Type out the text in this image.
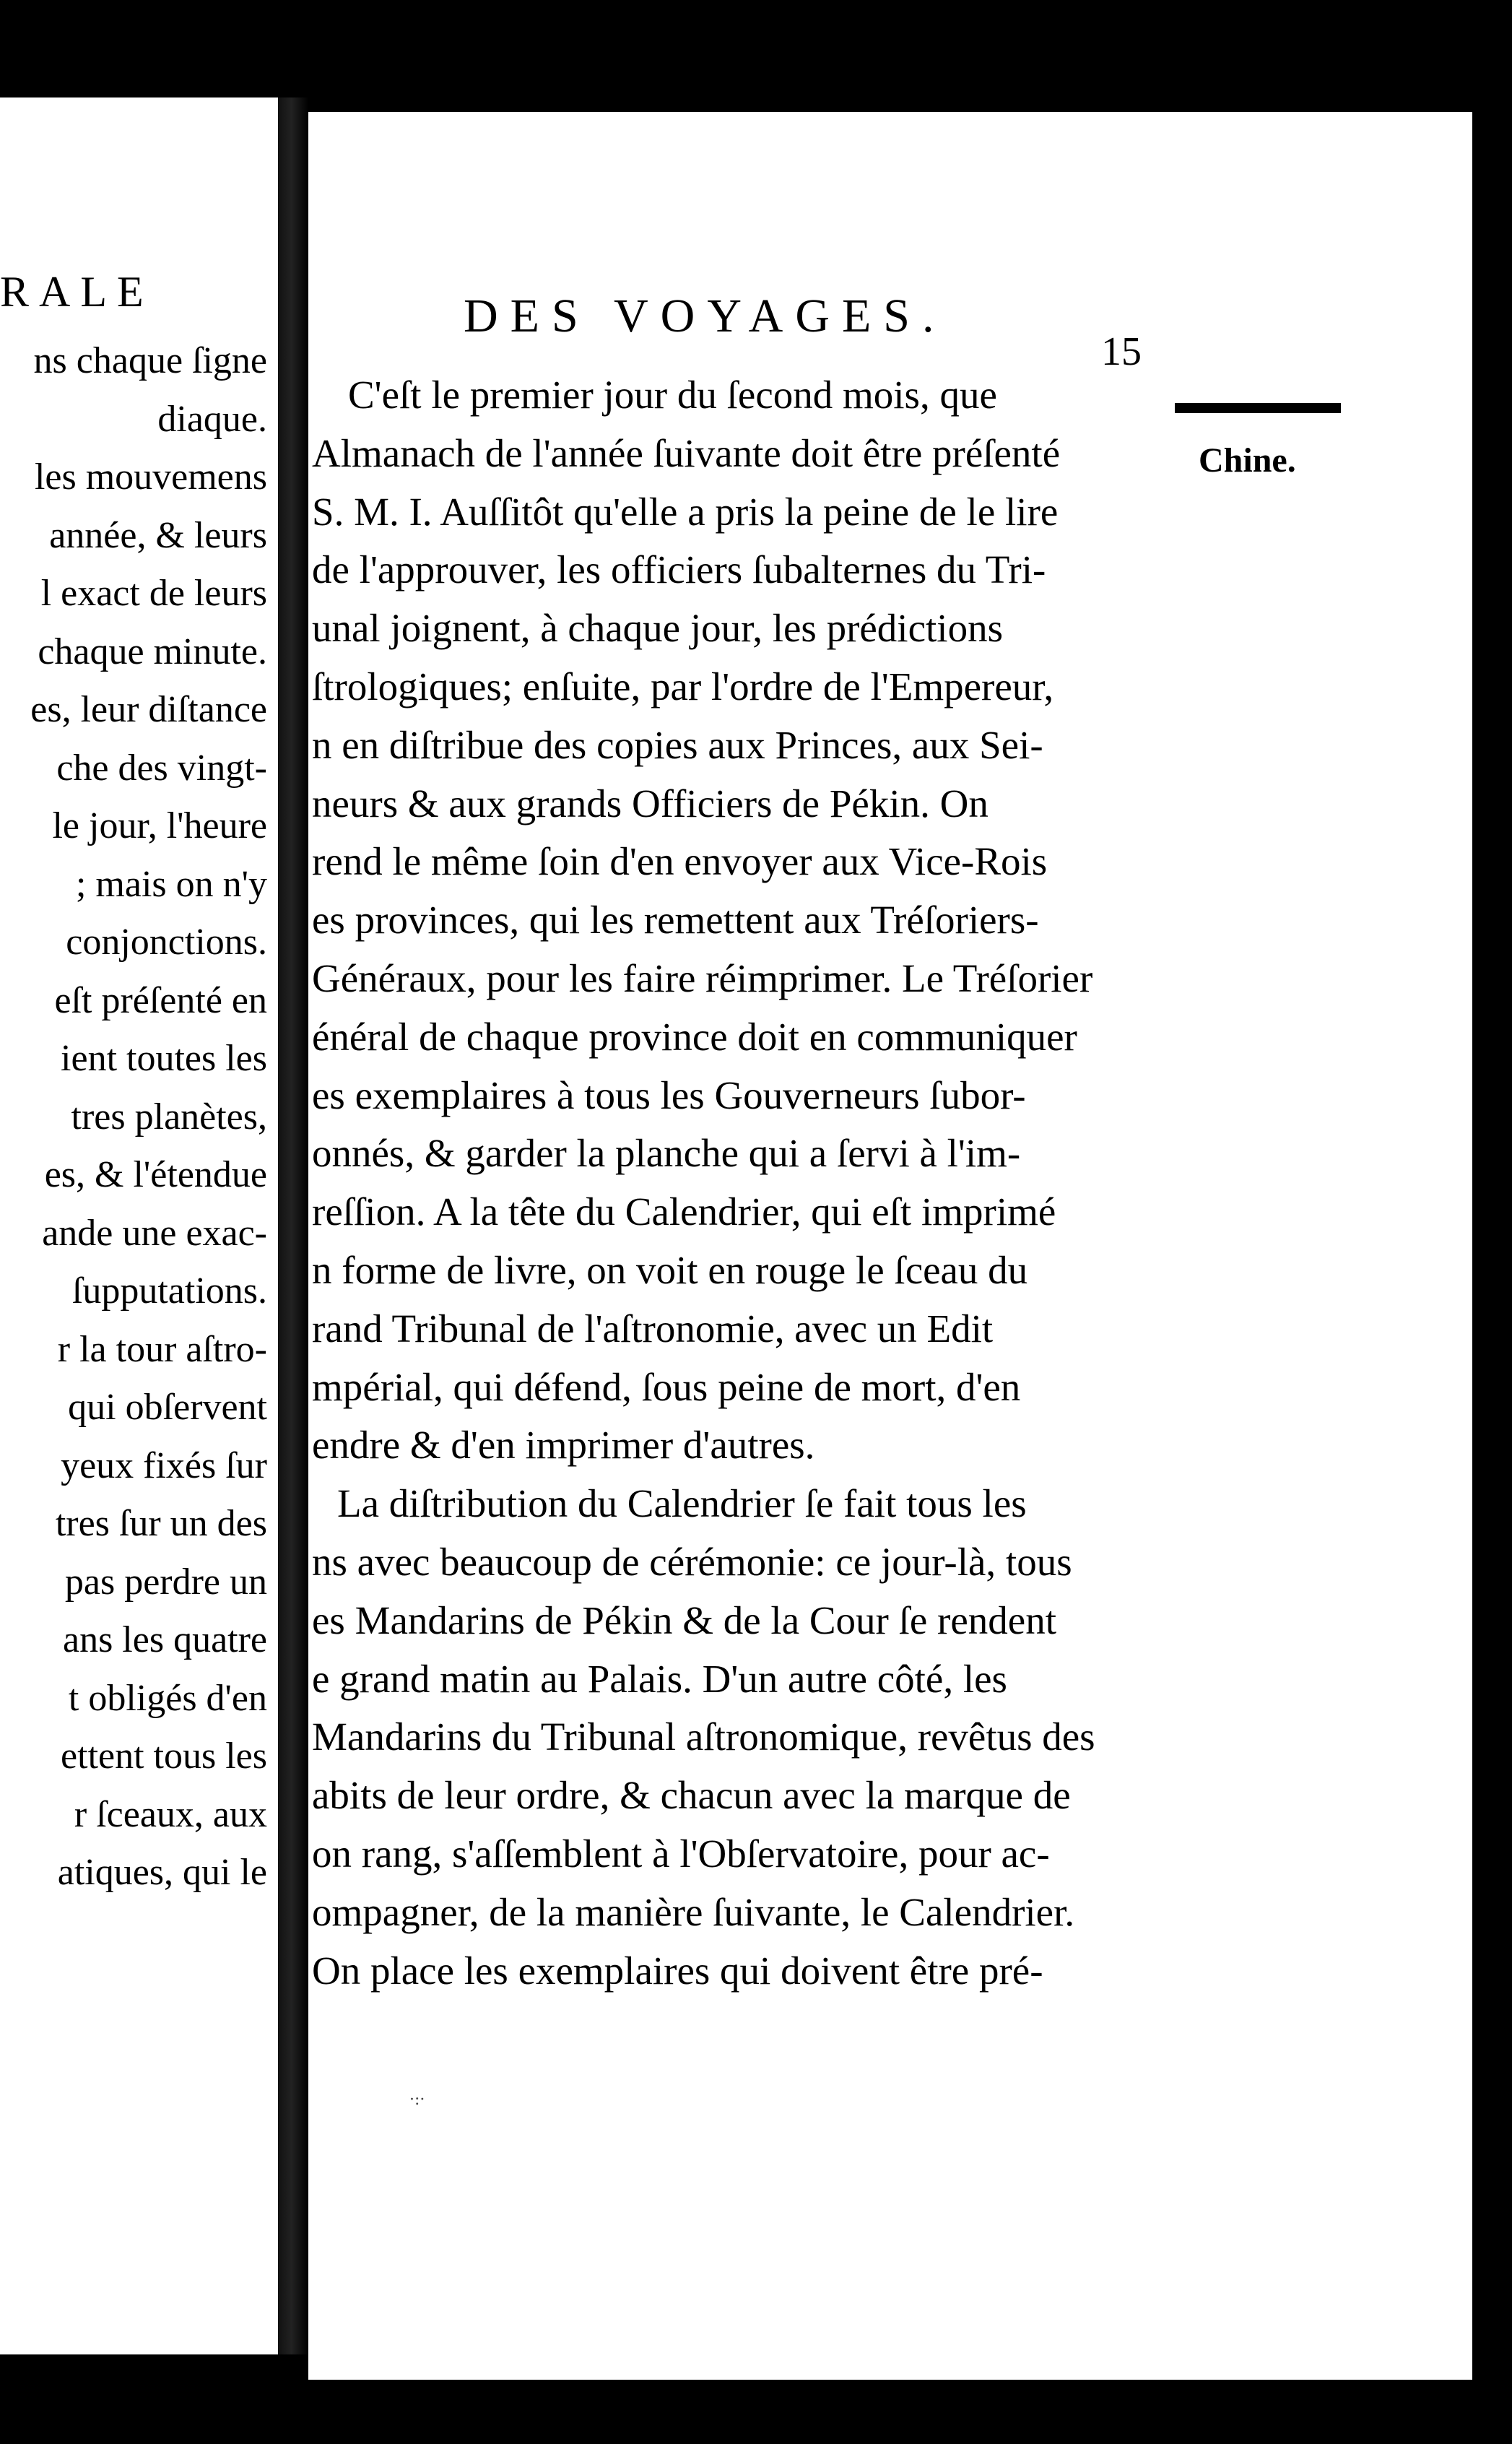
RALE
ns chaque ſigne
diaque.
les mouvemens
année, & leurs
l exact de leurs
chaque minute.
es, leur diſtance
che des vingt-
le jour, l'heure
; mais on n'y
conjonctions.
eſt préſenté en
ient toutes les
tres planètes,
es, & l'étendue
ande une exac-
ſupputations.
r la tour aſtro-
qui obſervent
yeux fixés ſur
tres ſur un des
pas perdre un
ans les quatre
t obligés d'en
ettent tous les
r ſceaux, aux
atiques, qui le
DES VOYAGES.
15
Chine.
C'eſt le premier jour du ſecond mois, que
Almanach de l'année ſuivante doit être préſenté
S. M. I. Auſſitôt qu'elle a pris la peine de le lire
de l'approuver, les officiers ſubalternes du Tri-
unal joignent, à chaque jour, les prédictions
ſtrologiques; enſuite, par l'ordre de l'Empereur,
n en diſtribue des copies aux Princes, aux Sei-
neurs & aux grands Officiers de Pékin. On
rend le même ſoin d'en envoyer aux Vice-Rois
es provinces, qui les remettent aux Tréſoriers-
Généraux, pour les faire réimprimer. Le Tréſorier
énéral de chaque province doit en communiquer
es exemplaires à tous les Gouverneurs ſubor-
onnés, & garder la planche qui a ſervi à l'im-
reſſion. A la tête du Calendrier, qui eſt imprimé
n forme de livre, on voit en rouge le ſceau du
rand Tribunal de l'aſtronomie, avec un Edit
mpérial, qui défend, ſous peine de mort, d'en
endre & d'en imprimer d'autres.
La diſtribution du Calendrier ſe fait tous les
ns avec beaucoup de cérémonie: ce jour-là, tous
es Mandarins de Pékin & de la Cour ſe rendent
e grand matin au Palais. D'un autre côté, les
Mandarins du Tribunal aſtronomique, revêtus des
abits de leur ordre, & chacun avec la marque de
on rang, s'aſſemblent à l'Obſervatoire, pour ac-
ompagner, de la manière ſuivante, le Calendrier.
On place les exemplaires qui doivent être pré-
·:·
